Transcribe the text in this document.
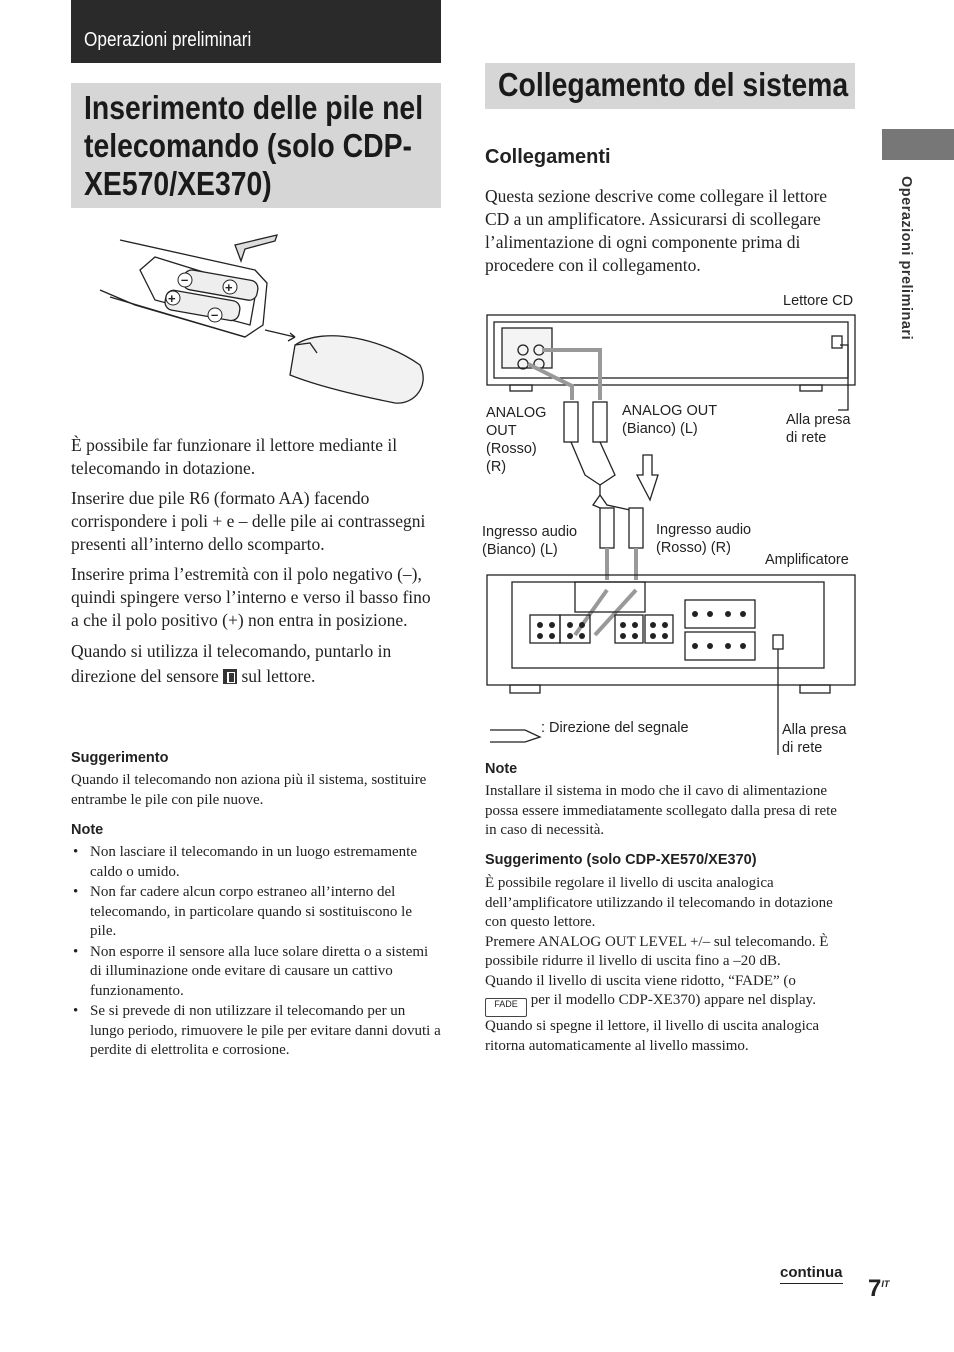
Operazioni preliminari
Inserimento delle pile nel
telecomando (solo CDP-
XE570/XE370)
+
–
+
–

È possibile far funzionare il lettore mediante il telecomando in dotazione.

Inserire due pile R6 (formato AA) facendo corrispondere i poli + e – delle pile ai contrassegni presenti all’interno dello scomparto.

Inserire prima l’estremità con il polo negativo (–), quindi spingere verso l’interno e verso il basso fino a che il polo positivo (+) non entra in posizione.

Quando si utilizza il telecomando, puntarlo in direzione del sensore sul lettore.

Suggerimento
Quando il telecomando non aziona più il sistema, sostituire entrambe le pile con pile nuove.
Note
• Non lasciare il telecomando in un luogo estremamente caldo o umido.
• Non far cadere alcun corpo estraneo all’interno del telecomando, in particolare quando si sostituiscono le pile.
• Non esporre il sensore alla luce solare diretta o a sistemi di illuminazione onde evitare di causare un cattivo funzionamento.
• Se si prevede di non utilizzare il telecomando per un lungo periodo, rimuovere le pile per evitare danni dovuti a perdite di elettrolita e corrosione.
Collegamento del sistema
Collegamenti
Questa sezione descrive come collegare il lettore CD a un amplificatore. Assicurarsi di scollegare l’alimentazione di ogni componente prima di procedere con il collegamento.
Lettore CD
ANALOG
OUT
(Rosso)
(R)
ANALOG OUT
(Bianco) (L)
Alla presa
di rete
Ingresso audio
(Bianco) (L)
Ingresso audio
(Rosso) (R)
Amplificatore
: Direzione del segnale	Alla presa
di rete
Note
Installare il sistema in modo che il cavo di alimentazione possa essere immediatamente scollegato dalla presa di rete in caso di necessità.
Suggerimento (solo CDP-XE570/XE370)
È possibile regolare il livello di uscita analogica dell’amplificatore utilizzando il telecomando in dotazione con questo lettore.
Premere ANALOG OUT LEVEL +/– sul telecomando. È possibile ridurre il livello di uscita fino a –20 dB.
Quando il livello di uscita viene ridotto, “FADE” (o
FADE per il modello CDP-XE370) appare nel display.
Quando si spegne il lettore, il livello di uscita analogica ritorna automaticamente al livello massimo.
Operazioni preliminari
continua
$7^{IT}$
